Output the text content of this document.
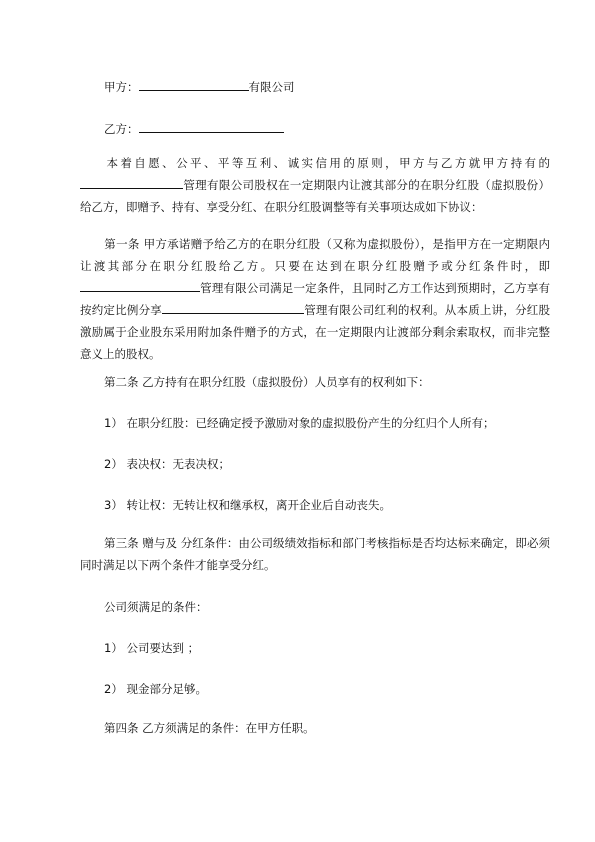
甲方：	有限公司
乙方：
本着自愿、公平、平等互利、诚实信用的原则，甲方与乙方就甲方持有的管理有限公司股权在一定期限内让渡其部分的在职分红股（虚拟股份）给乙方，即赠予、持有、享受分红、在职分红股调整等有关事项达成如下协议：
第一条 甲方承诺赠予给乙方的在职分红股（又称为虚拟股份），是指甲方在一定期限内让渡其部分在职分红股给乙方。只要在达到在职分红股赠予或分红条件时，即管理有限公司满足一定条件，且同时乙方工作达到预期时，乙方享有按约定比例分享	管理有限公司红利的权利。从本质上讲，分红股激励属于企业股东采用附加条件赠予的方式，在一定期限内让渡部分剩余索取权，而非完整意义上的股权。
第二条 乙方持有在职分红股（虚拟股份）人员享有的权利如下：
1） 在职分红股：已经确定授予激励对象的虚拟股份产生的分红归个人所有；
2） 表决权：无表决权；
3） 转让权：无转让权和继承权，离开企业后自动丧失。
第三条 赠与及 分红条件：由公司级绩效指标和部门考核指标是否均达标来确定，即必须同时满足以下两个条件才能享受分红。
公司须满足的条件：
1） 公司要达到 ；
2） 现金部分足够。
第四条 乙方须满足的条件：在甲方任职。
